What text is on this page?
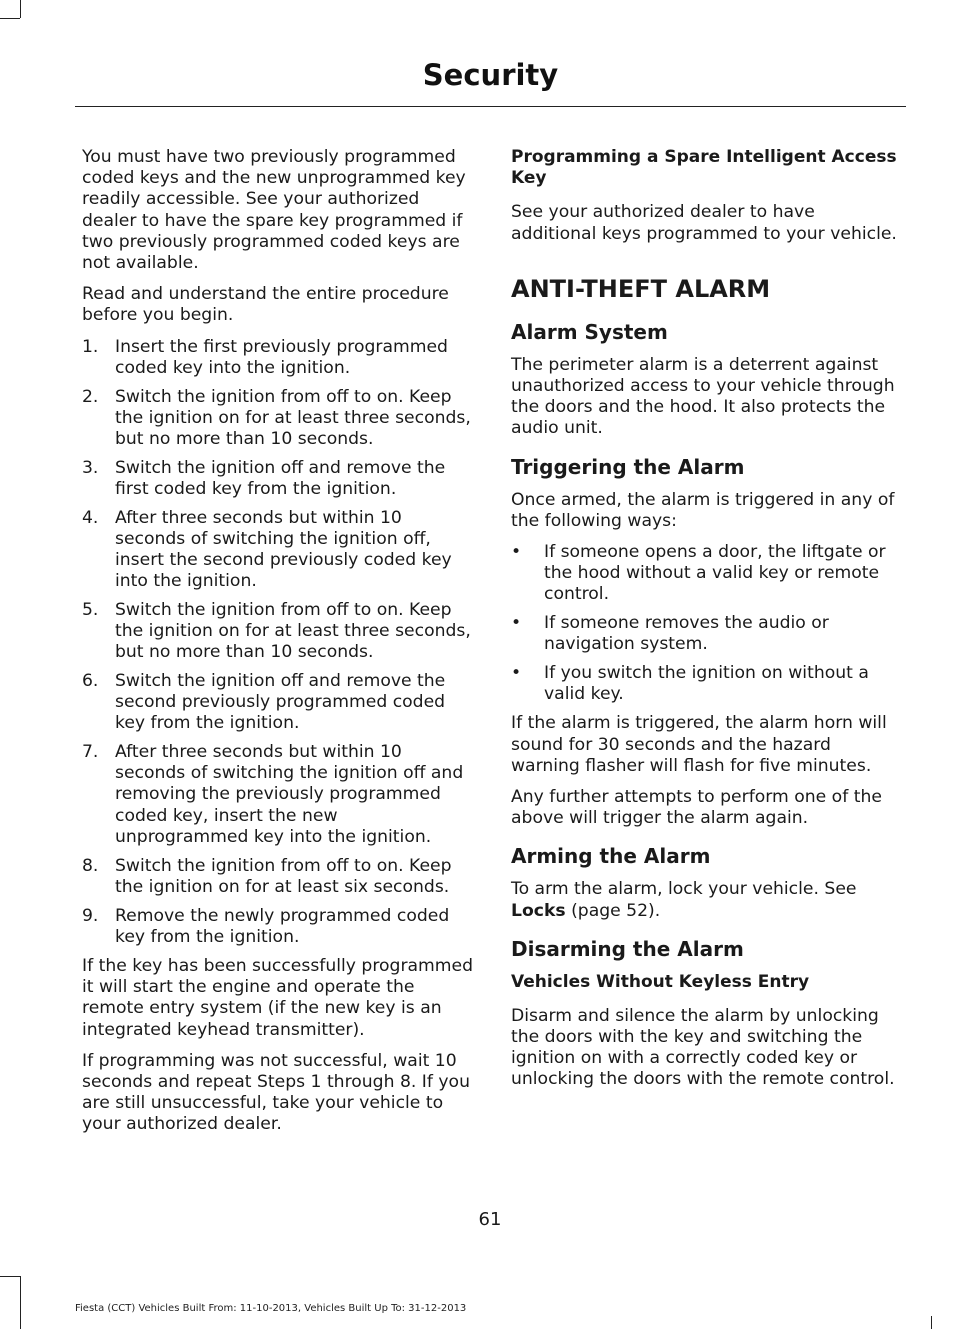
Security

You must have two previously programmed coded keys and the new unprogrammed key readily accessible. See your authorized dealer to have the spare key programmed if two previously programmed coded keys are not available.

Read and understand the entire procedure before you begin.

1. Insert the first previously programmed coded key into the ignition.
2. Switch the ignition from off to on. Keep the ignition on for at least three seconds, but no more than 10 seconds.
3. Switch the ignition off and remove the first coded key from the ignition.
4. After three seconds but within 10 seconds of switching the ignition off, insert the second previously coded key into the ignition.
5. Switch the ignition from off to on. Keep the ignition on for at least three seconds, but no more than 10 seconds.
6. Switch the ignition off and remove the second previously programmed coded key from the ignition.
7. After three seconds but within 10 seconds of switching the ignition off and removing the previously programmed coded key, insert the new unprogrammed key into the ignition.
8. Switch the ignition from off to on. Keep the ignition on for at least six seconds.
9. Remove the newly programmed coded key from the ignition.

If the key has been successfully programmed it will start the engine and operate the remote entry system (if the new key is an integrated keyhead transmitter).

If programming was not successful, wait 10 seconds and repeat Steps 1 through 8. If you are still unsuccessful, take your vehicle to your authorized dealer.

Programming a Spare Intelligent Access Key

See your authorized dealer to have additional keys programmed to your vehicle.

ANTI-THEFT ALARM
Alarm System

The perimeter alarm is a deterrent against unauthorized access to your vehicle through the doors and the hood. It also protects the audio unit.

Triggering the Alarm

Once armed, the alarm is triggered in any of the following ways:

•	If someone opens a door, the liftgate or the hood without a valid key or remote control.
•	If someone removes the audio or navigation system.
•	If you switch the ignition on without a valid key.

If the alarm is triggered, the alarm horn will sound for 30 seconds and the hazard warning flasher will flash for five minutes.

Any further attempts to perform one of the above will trigger the alarm again.

Arming the Alarm

To arm the alarm, lock your vehicle. See Locks (page 52).

Disarming the Alarm
Vehicles Without Keyless Entry

Disarm and silence the alarm by unlocking the doors with the key and switching the ignition on with a correctly coded key or unlocking the doors with the remote control.

61
Fiesta (CCT) Vehicles Built From: 11-10-2013, Vehicles Built Up To: 31-12-2013
